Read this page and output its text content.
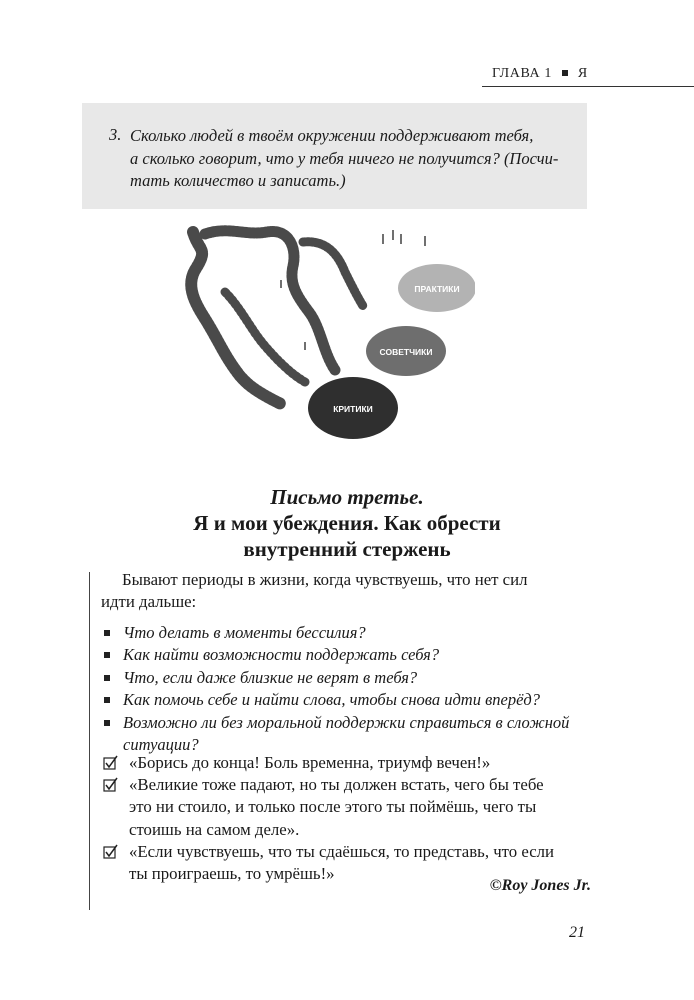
ГЛАВА 1 Я
3. Сколько людей в твоём окружении поддерживают тебя,
а сколько говорит, что у тебя ничего не получится? (Посчи-
тать количество и записать.)
ПРАКТИКИ
СОВЕТЧИКИ
КРИТИКИ
Письмо третье.
Я и мои убеждения. Как обрести
внутренний стержень
Бывают периоды в жизни, когда чувствуешь, что нет сил
идти дальше:
Что делать в моменты бессилия?
Как найти возможности поддержать себя?
Что, если даже близкие не верят в тебя?
Как помочь себе и найти слова, чтобы снова идти вперёд?
Возможно ли без моральной поддержки справиться в сложной
ситуации?
«Борись до конца! Боль временна, триумф вечен!»
«Великие тоже падают, но ты должен встать, чего бы тебе
это ни стоило, и только после этого ты поймёшь, чего ты
стоишь на самом деле».
«Если чувствуешь, что ты сдаёшься, то представь, что если
ты проиграешь, то умрёшь!»
©Roy Jones Jr.
21
